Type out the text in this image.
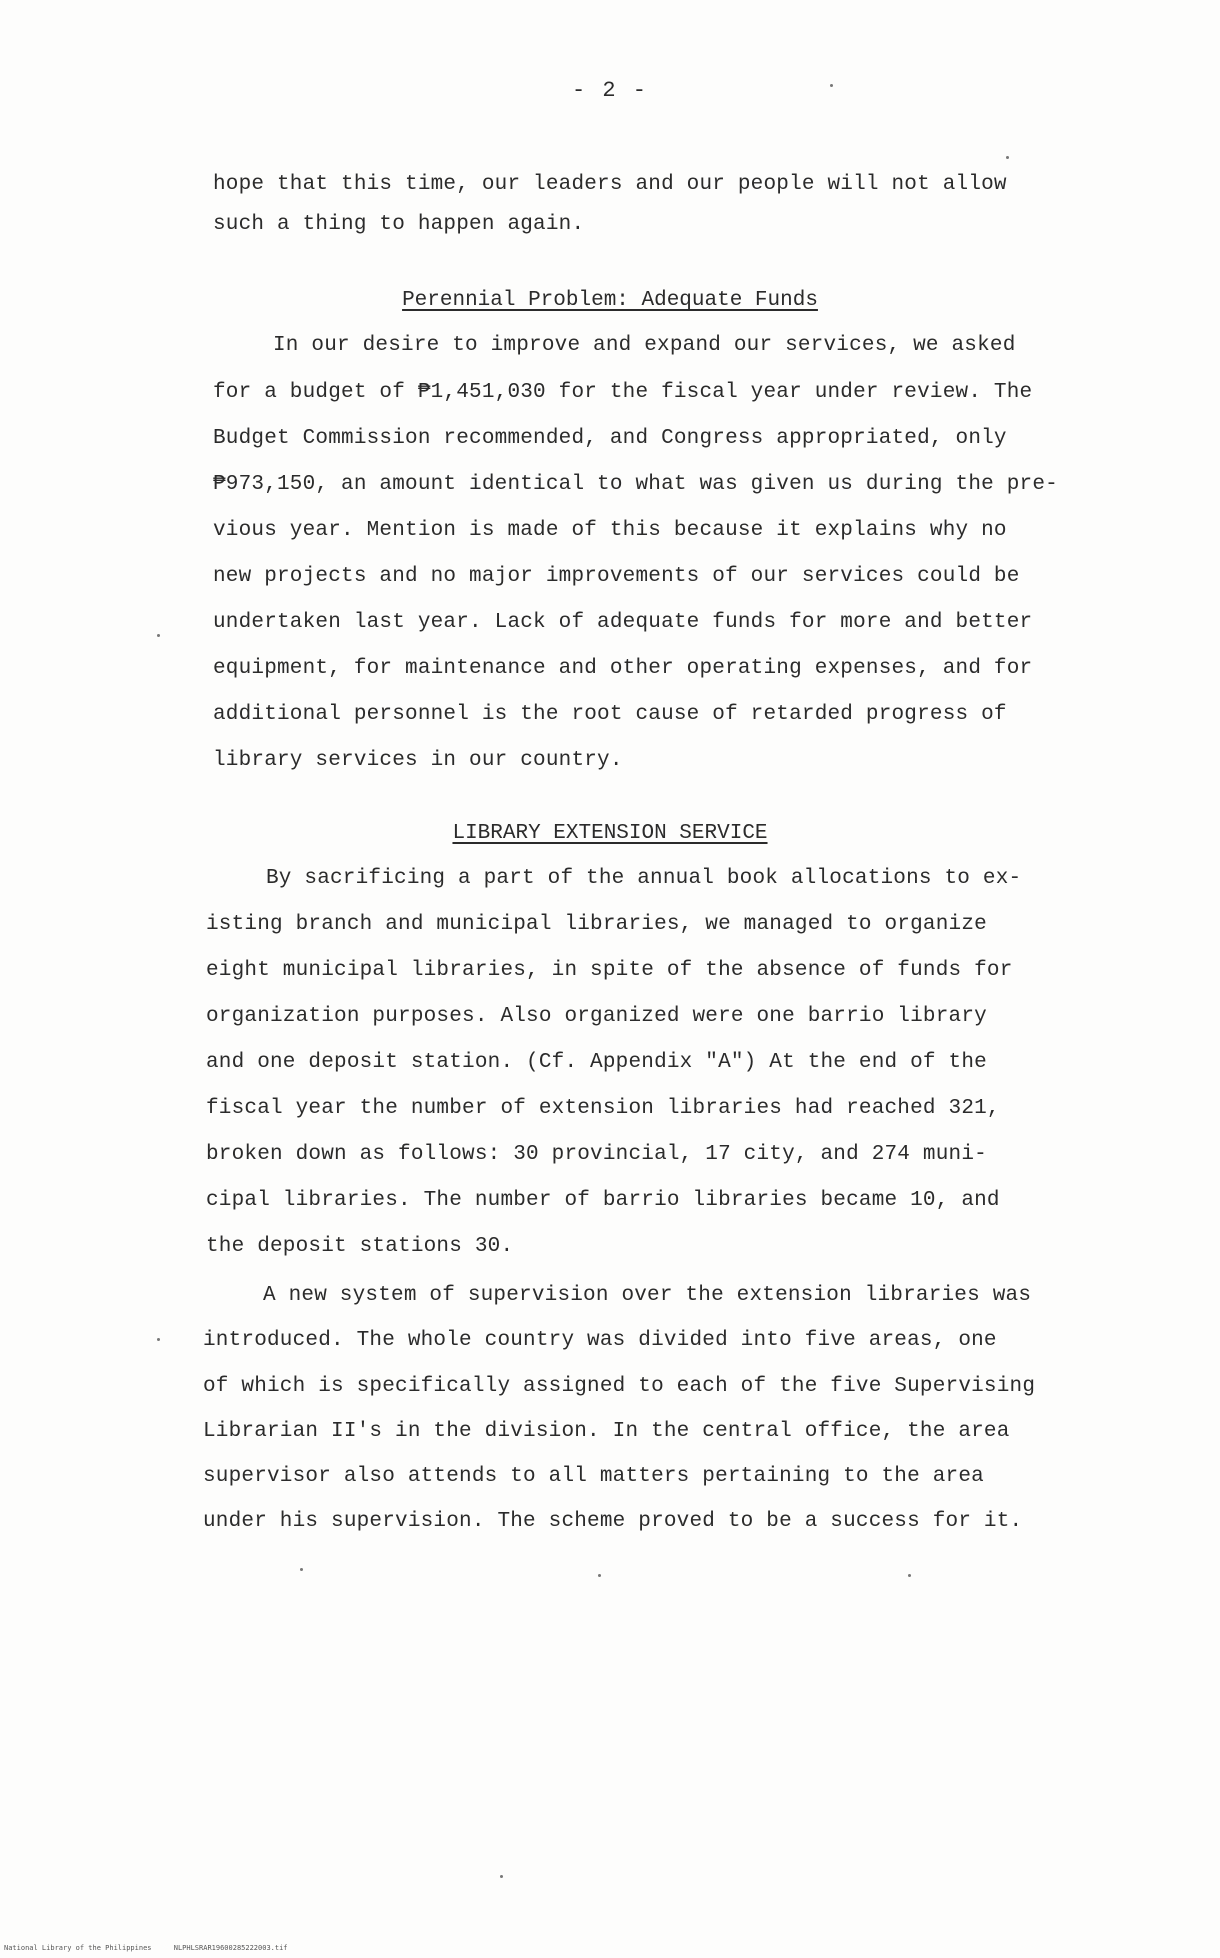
- 2 -
hope that this time, our leaders and our people will not allow
such a thing to happen again.
Perennial Problem: Adequate Funds
In our desire to improve and expand our services, we asked
for a budget of ₱1,451,030 for the fiscal year under review. The
Budget Commission recommended, and Congress appropriated, only
₱973,150, an amount identical to what was given us during the pre-
vious year. Mention is made of this because it explains why no
new projects and no major improvements of our services could be
undertaken last year. Lack of adequate funds for more and better
equipment, for maintenance and other operating expenses, and for
additional personnel is the root cause of retarded progress of
library services in our country.
LIBRARY EXTENSION SERVICE
By sacrificing a part of the annual book allocations to ex-
isting branch and municipal libraries, we managed to organize
eight municipal libraries, in spite of the absence of funds for
organization purposes. Also organized were one barrio library
and one deposit station. (Cf. Appendix "A") At the end of the
fiscal year the number of extension libraries had reached 321,
broken down as follows: 30 provincial, 17 city, and 274 muni-
cipal libraries. The number of barrio libraries became 10, and
the deposit stations 30.
A new system of supervision over the extension libraries was
introduced. The whole country was divided into five areas, one
of which is specifically assigned to each of the five Supervising
Librarian II's in the division. In the central office, the area
supervisor also attends to all matters pertaining to the area
under his supervision. The scheme proved to be a success for it.
National Library of the Philippines	NLPHLSRAR19600285222003.tif
